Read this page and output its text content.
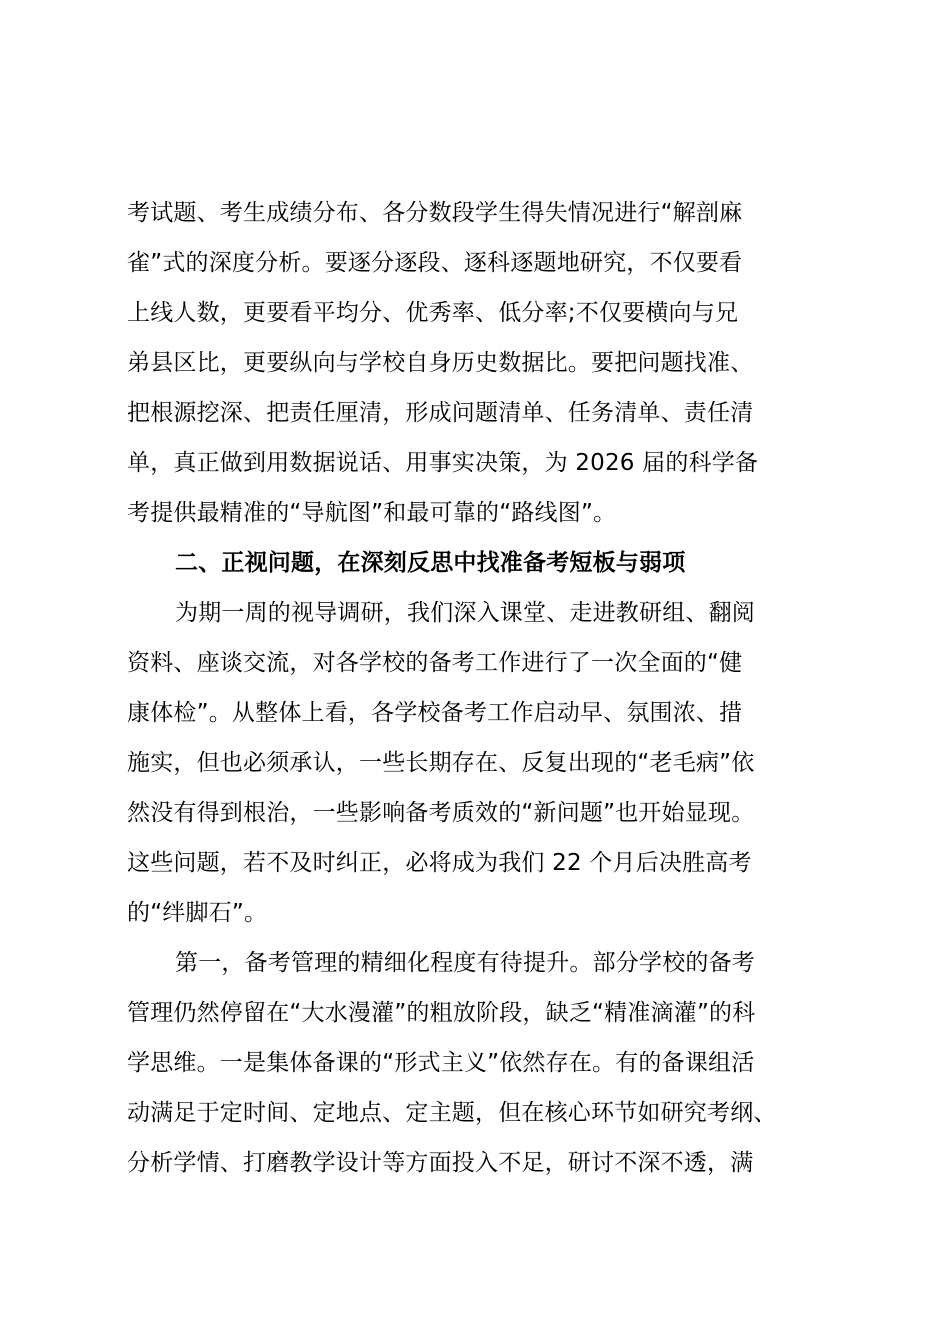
考试题、考生成绩分布、各分数段学生得失情况进行“解剖麻
雀”式的深度分析。要逐分逐段、逐科逐题地研究，不仅要看
上线人数，更要看平均分、优秀率、低分率;不仅要横向与兄
弟县区比，更要纵向与学校自身历史数据比。要把问题找准、
把根源挖深、把责任厘清，形成问题清单、任务清单、责任清
单，真正做到用数据说话、用事实决策，为 2026 届的科学备
考提供最精准的“导航图”和最可靠的“路线图”。
二、正视问题，在深刻反思中找准备考短板与弱项
为期一周的视导调研，我们深入课堂、走进教研组、翻阅
资料、座谈交流，对各学校的备考工作进行了一次全面的“健
康体检”。从整体上看，各学校备考工作启动早、氛围浓、措
施实，但也必须承认，一些长期存在、反复出现的“老毛病”依
然没有得到根治，一些影响备考质效的“新问题”也开始显现。
这些问题，若不及时纠正，必将成为我们 22 个月后决胜高考
的“绊脚石”。
第一，备考管理的精细化程度有待提升。部分学校的备考
管理仍然停留在“大水漫灌”的粗放阶段，缺乏“精准滴灌”的科
学思维。一是集体备课的“形式主义”依然存在。有的备课组活
动满足于定时间、定地点、定主题，但在核心环节如研究考纲、
分析学情、打磨教学设计等方面投入不足，研讨不深不透，满
